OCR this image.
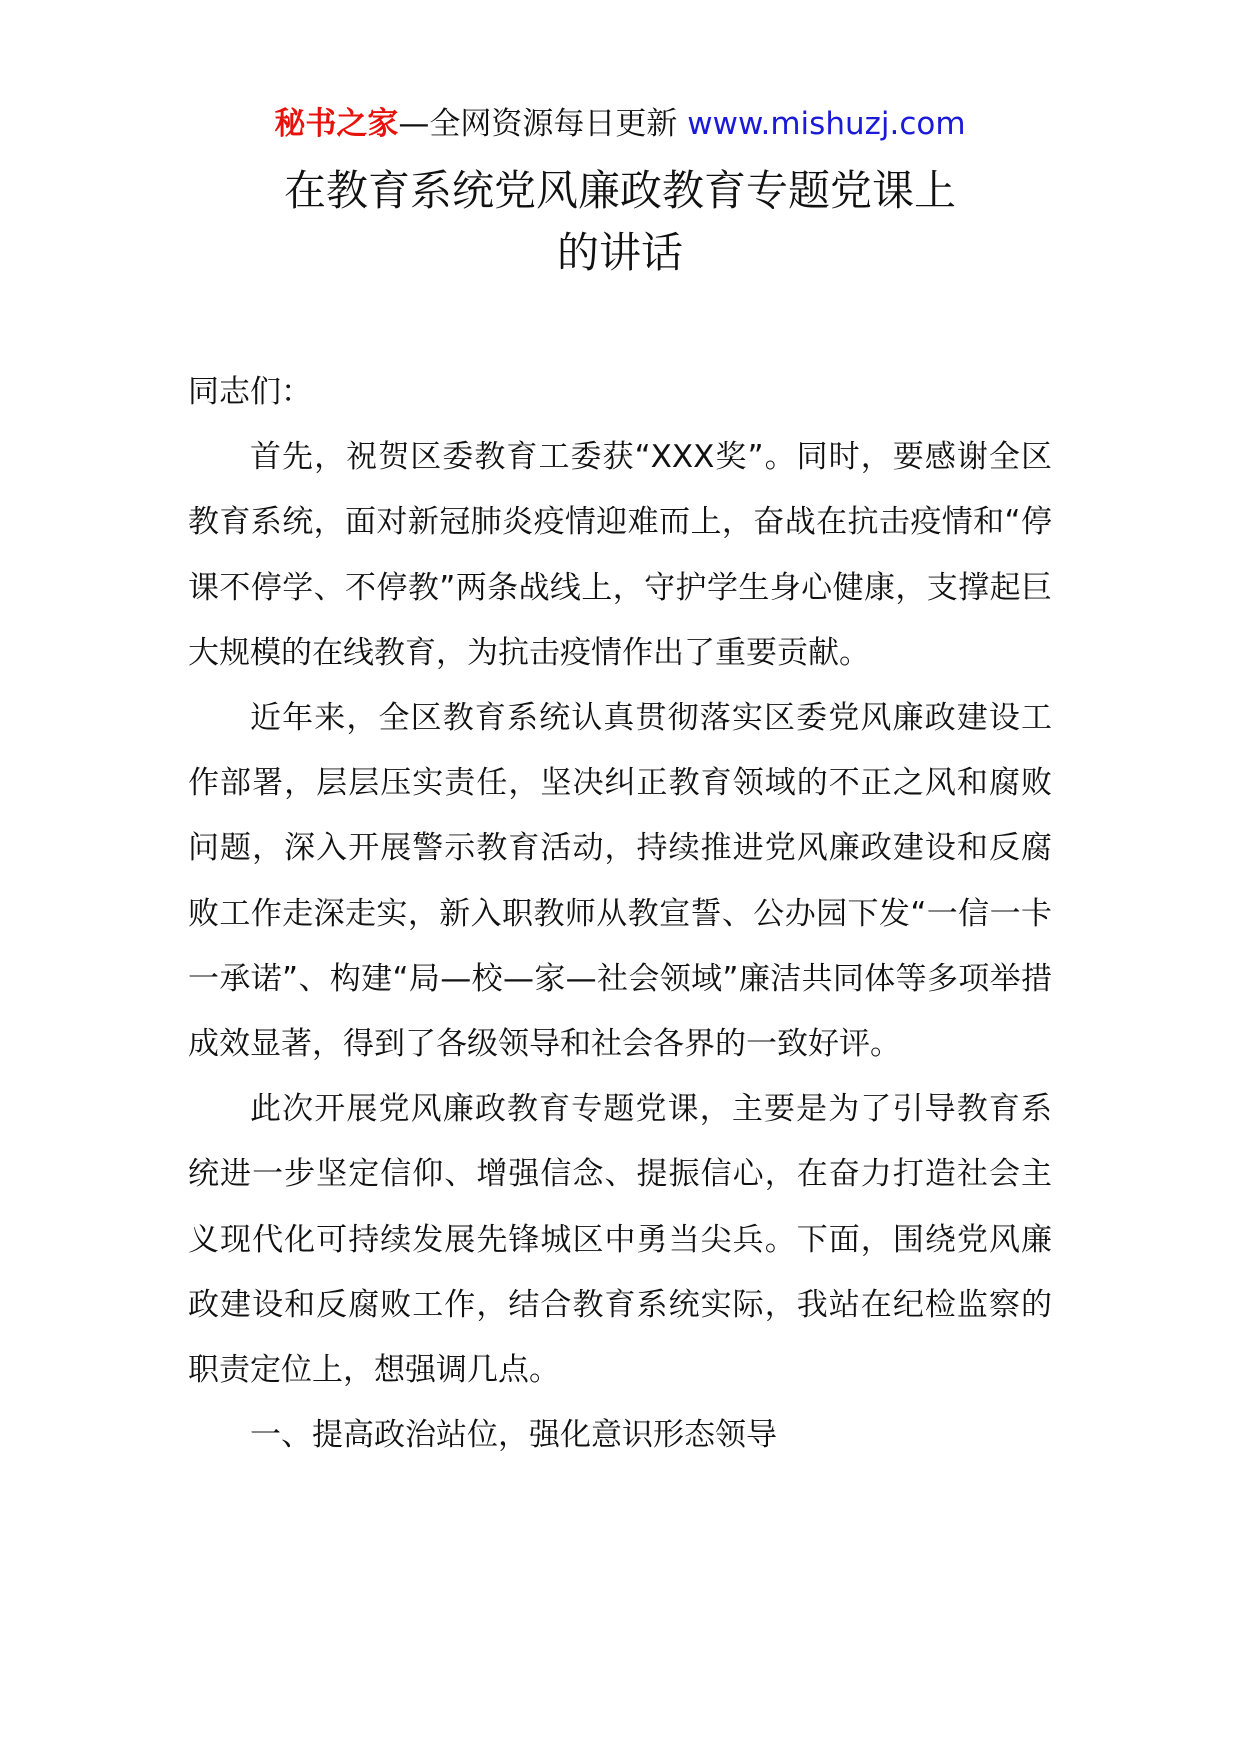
秘书之家—全网资源每日更新 www.mishuzj.com
在教育系统党风廉政教育专题党课上
的讲话

同志们：

首先，祝贺区委教育工委获“XXX奖”。同时，要感谢全区教育系统，面对新冠肺炎疫情迎难而上，奋战在抗击疫情和“停课不停学、不停教”两条战线上，守护学生身心健康，支撑起巨大规模的在线教育，为抗击疫情作出了重要贡献。

近年来，全区教育系统认真贯彻落实区委党风廉政建设工作部署，层层压实责任，坚决纠正教育领域的不正之风和腐败问题，深入开展警示教育活动，持续推进党风廉政建设和反腐败工作走深走实，新入职教师从教宣誓、公办园下发“一信一卡一承诺”、构建“局—校—家—社会领域”廉洁共同体等多项举措成效显著，得到了各级领导和社会各界的一致好评。

此次开展党风廉政教育专题党课，主要是为了引导教育系统进一步坚定信仰、增强信念、提振信心，在奋力打造社会主义现代化可持续发展先锋城区中勇当尖兵。下面，围绕党风廉政建设和反腐败工作，结合教育系统实际，我站在纪检监察的职责定位上，想强调几点。

一、提高政治站位，强化意识形态领导
